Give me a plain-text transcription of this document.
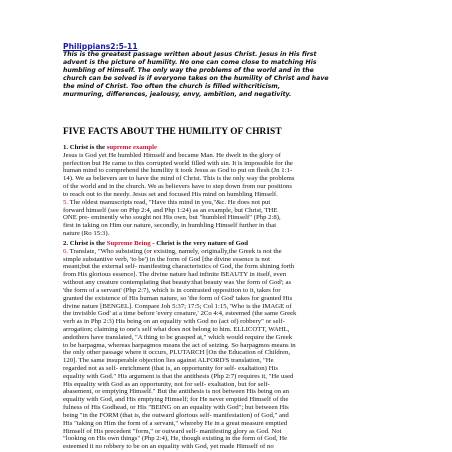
Philippians2:5-11
This is the greatest passage written about Jesus Christ. Jesus in His first
advent is the picture of humility. No one can come close to matching His
humbling of Himself. The only way the problems of the world and in the
church can be solved is if everyone takes on the humility of Christ and have
the mind of Christ. Too often the church is filled withcriticism,
murmuring, differences, jealousy, envy, ambition, and negativity.
FIVE FACTS ABOUT THE HUMILITY OF CHRIST
1. Christ is the supreme example
Jesus is God yet He humbled Himself and became Man. He dwelt in the glory of
perfection but He came to this corrupted world filled with sin. It is impossible for the
human mind to comprehend the humility it took Jesus as God to put on flesh (Jn 1:1-
14). We as believers are to have the mind of Christ. This is the only way the problems
of the world and in the church. We as believers have to step down from our positions
to reach out to the needy. Jesus set and focused His mind on humbling Himself.
5. The oldest manuscripts read, "Have this mind in you,"&c. He does not put
forward himself (see on Php 2:4, and Php 1:24) as an example, but Christ, THE
ONE pre- eminently who sought not His own, but "humbled Himself" (Php 2:8),
first in taking on Him our nature, secondly, in humbling Himself further in that
nature (Ro 15:3).
2. Christ is the Supreme Being - Christ is the very nature of God
6. Translate, "Who subsisting (or existing, namely, originally,the Greek is not the
simple substantive verb, 'to be') in the form of God [the divine essence is not
meant;but the external self- manifesting characteristics of God, the form shining forth
from His glorious essence]. The divine nature had infinite BEAUTY in itself, even
without any creature contemplating that beauty:that beauty was 'the form of God'; as
'the form of a servant' (Php 2:7), which is in contrasted opposition to it, takes for
granted the existence of His human nature, so 'the form of God' takes for granted His
divine nature [BENGEL]. Compare Joh 5:37; 17:5; Col 1:15, 'Who is the IMAGE of
the invisible God' at a time before 'every creature,' 2Co 4:4, esteemed (the same Greek
verb as in Php 2:3) His being on an equality with God no (act of) robbery" or self-
arrogation; claiming to one's self what does not belong to him. ELLICOTT, WAHL,
andothers have translated, "A thing to be grasped at," which would require the Greek
to be harpagma, whereas harpagmos means the act of seizing. So harpagmos means in
the only other passage where it occurs, PLUTARCH [On the Education of Children,
120]. The same insuperable objection lies against ALFORD'S translation, "He
regarded not as self- enrichment (that is, an opportunity for self- exaltation) His
equality with God." His argument is that the antithesis (Php 2:7) requires it, "He used
His equality with God as an opportunity, not for self- exaltation, but for self-
abasement, or emptying Himself." But the antithesis is not between His being on an
equality with God, and His emptying Himself; for He never emptied Himself of the
fulness of His Godhead, or His "BEING on an equality with God"; but between His
being "in the FORM (that is, the outward glorious self- manifestation) of God," and
His "taking on Him the form of a servant," whereby He in a great measure emptied
Himself of His precedent "form," or outward self- manifesting glory as God. Not
"looking on His own things" (Php 2:4), He, though existing in the form of God, He
esteemed it no robbery to be on an equality with God, yet made Himself of no
